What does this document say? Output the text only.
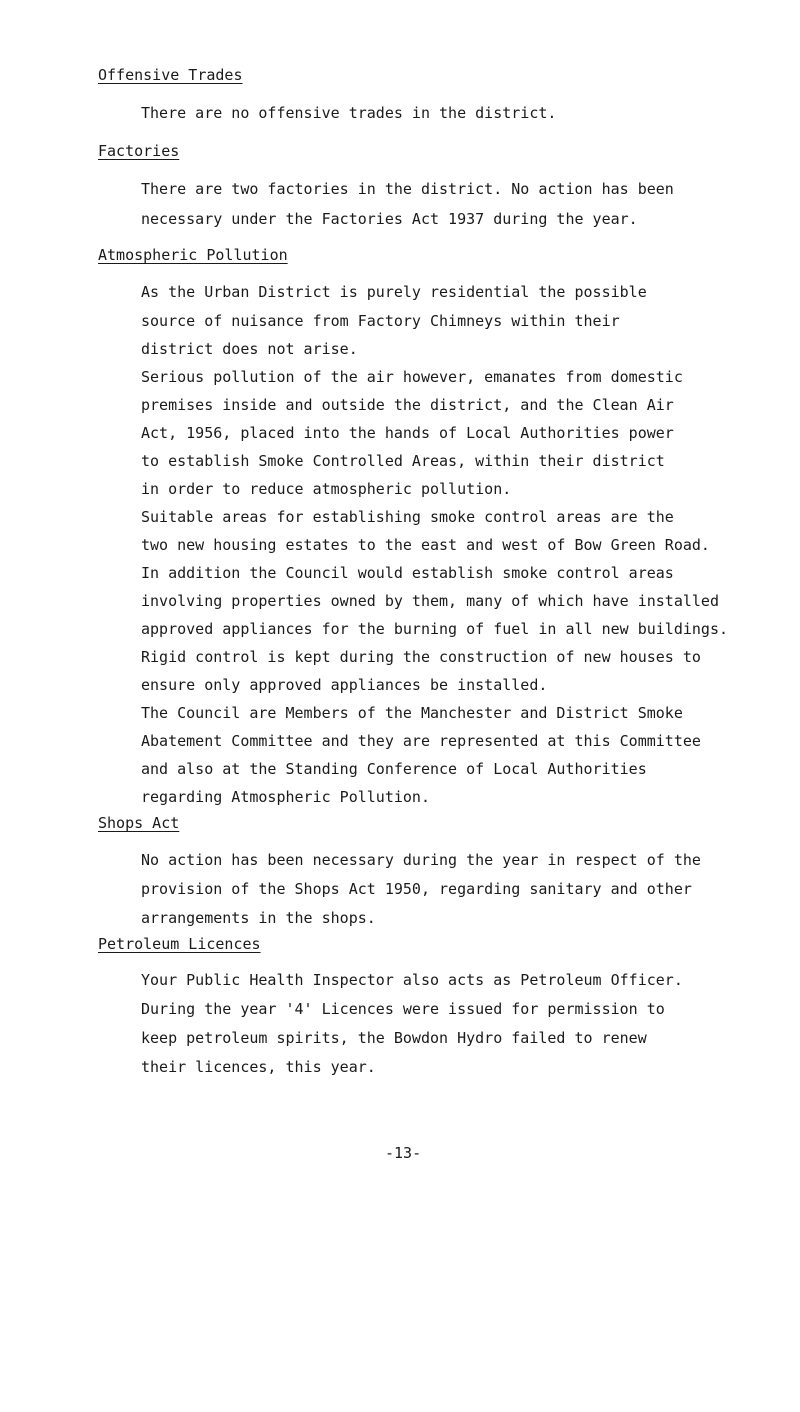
Offensive Trades
There are no offensive trades in the district.
Factories
There are two factories in the district. No action has been
necessary under the Factories Act 1937 during the year.
Atmospheric Pollution
As the Urban District is purely residential the possible
source of nuisance from Factory Chimneys within their
district does not arise.
Serious pollution of the air however, emanates from domestic
premises inside and outside the district, and the Clean Air
Act, 1956, placed into the hands of Local Authorities power
to establish Smoke Controlled Areas, within their district
in order to reduce atmospheric pollution.
Suitable areas for establishing smoke control areas are the
two new housing estates to the east and west of Bow Green Road.
In addition the Council would establish smoke control areas
involving properties owned by them, many of which have installed
approved appliances for the burning of fuel in all new buildings.
Rigid control is kept during the construction of new houses to
ensure only approved appliances be installed.
The Council are Members of the Manchester and District Smoke
Abatement Committee and they are represented at this Committee
and also at the Standing Conference of Local Authorities
regarding Atmospheric Pollution.
Shops Act
No action has been necessary during the year in respect of the
provision of the Shops Act 1950, regarding sanitary and other
arrangements in the shops.
Petroleum Licences
Your Public Health Inspector also acts as Petroleum Officer.
During the year '4' Licences were issued for permission to
keep petroleum spirits, the Bowdon Hydro failed to renew
their licences, this year.
-13-
